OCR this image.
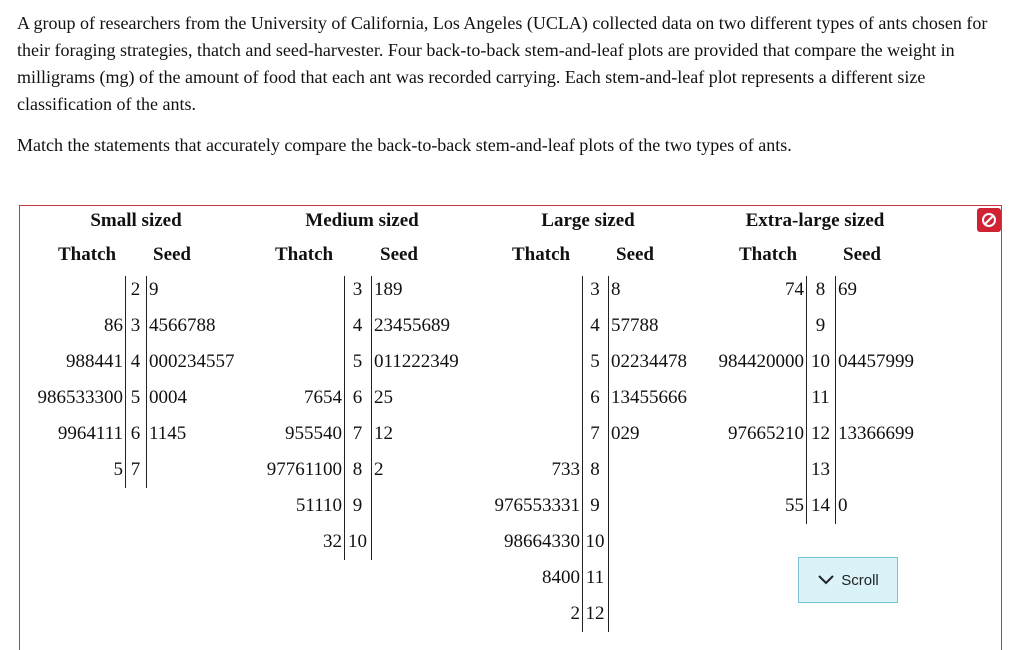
A group of researchers from the University of California, Los Angeles (UCLA) collected data on two different types of ants chosen for their foraging strategies, thatch and seed-harvester. Four back-to-back stem-and-leaf plots are provided that compare the weight in milligrams (mg) of the amount of food that each ant was recorded carrying. Each stem-and-leaf plot represents a different size classification of the ants.

Match the statements that accurately compare the back-to-back stem-and-leaf plots of the two types of ants.

Small sized
Thatch Seed
2 9
86 3 4566788
988441 4 000234557
986533300 5 0004
9964111 6 1145
5 7
Medium sized
Thatch Seed
3 189
4 23455689
5 011222349
7654 6 25
955540 7 12
97761100 8 2
51110 9
32 10
Large sized
Thatch Seed
3 8
4 57788
5 02234478
6 13455666
7 029
733 8
976553331 9
98664330 10
8400 11
2 12
Extra-large sized
Thatch Seed
74 8 69
9
984420000 10 04457999
11
97665210 12 13366699
13
55 14 0
Scroll
